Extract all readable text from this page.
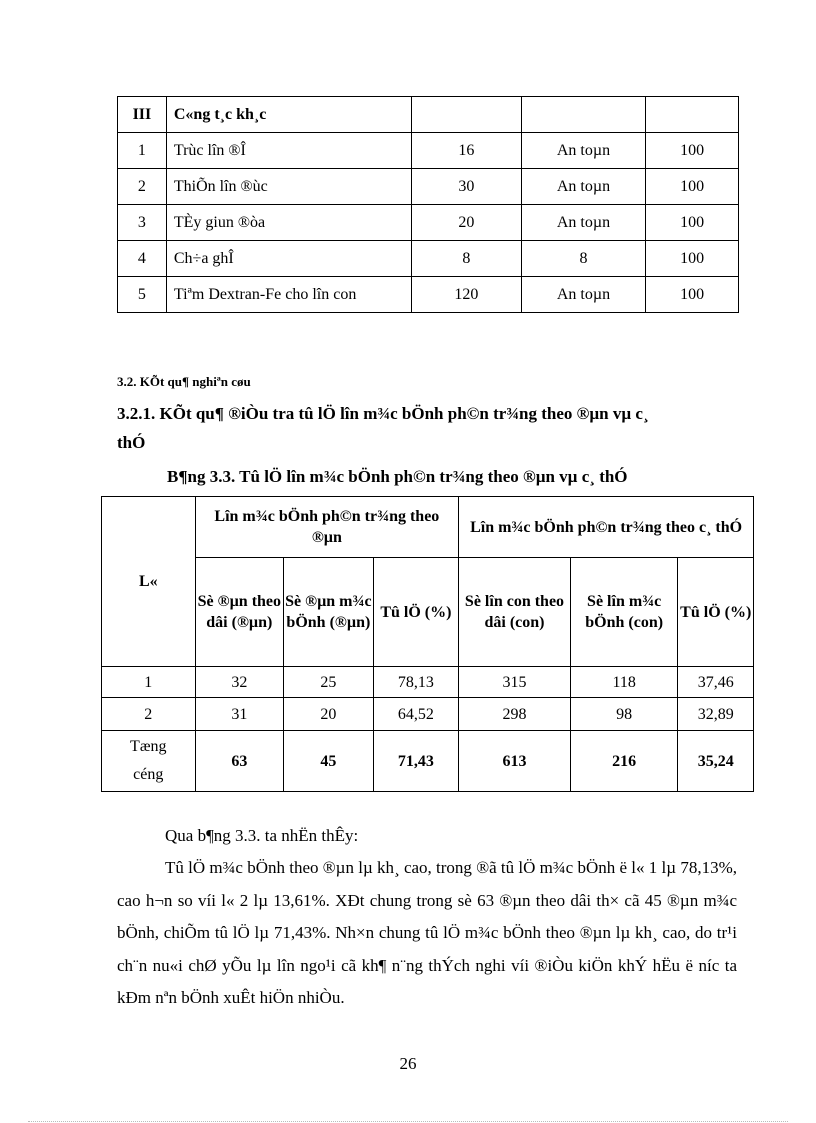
III	C«ng t¸c kh¸c			
1	Trùc lîn ®Î	16	An toµn	100
2	ThiÕn lîn ®ùc	30	An toµn	100
3	TÈy giun ®òa	20	An toµn	100
4	Ch÷a ghÎ	8	8	100
5	Tiªm Dextran-Fe cho lîn con	120	An toµn	100
3.2. KÕt qu¶ nghiªn cøu
3.2.1. KÕt qu¶ ®iÒu tra tû lÖ lîn m¾c bÖnh ph©n tr¾ng theo ®µn vµ c¸
thÓ
B¶ng 3.3. Tû lÖ lîn m¾c bÖnh ph©n tr¾ng theo ®µn vµ c¸ thÓ
L«	Lîn m¾c bÖnh ph©n tr¾ng theo ®µn			Lîn m¾c bÖnh ph©n tr¾ng theo c¸ thÓ		
	Sè ®µn theo dâi (®µn)	Sè ®µn m¾c bÖnh (®µn)	Tû lÖ (%)	Sè lîn con theo dâi (con)	Sè lîn m¾c bÖnh (con)	Tû lÖ (%)
1	32	25	78,13	315	118	37,46
2	31	20	64,52	298	98	32,89
Tæng céng	63	45	71,43	613	216	35,24
Qua b¶ng 3.3. ta nhËn thÊy:
Tû lÖ m¾c bÖnh theo ®µn lµ kh¸ cao, trong ®ã tû lÖ m¾c bÖnh ë l« 1 lµ 78,13%, cao h¬n so víi l« 2 lµ 13,61%. XÐt chung trong sè 63 ®µn theo dâi th× cã 45 ®µn m¾c bÖnh, chiÕm tû lÖ lµ 71,43%. Nh×n chung tû lÖ m¾c bÖnh theo ®µn lµ kh¸ cao, do tr¹i ch¨n nu«i chØ yÕu lµ lîn ngo¹i cã kh¶ n¨ng thÝch nghi víi ®iÒu kiÖn khÝ hËu ë níc ta kÐm nªn bÖnh xuÊt hiÖn nhiÒu.
26
